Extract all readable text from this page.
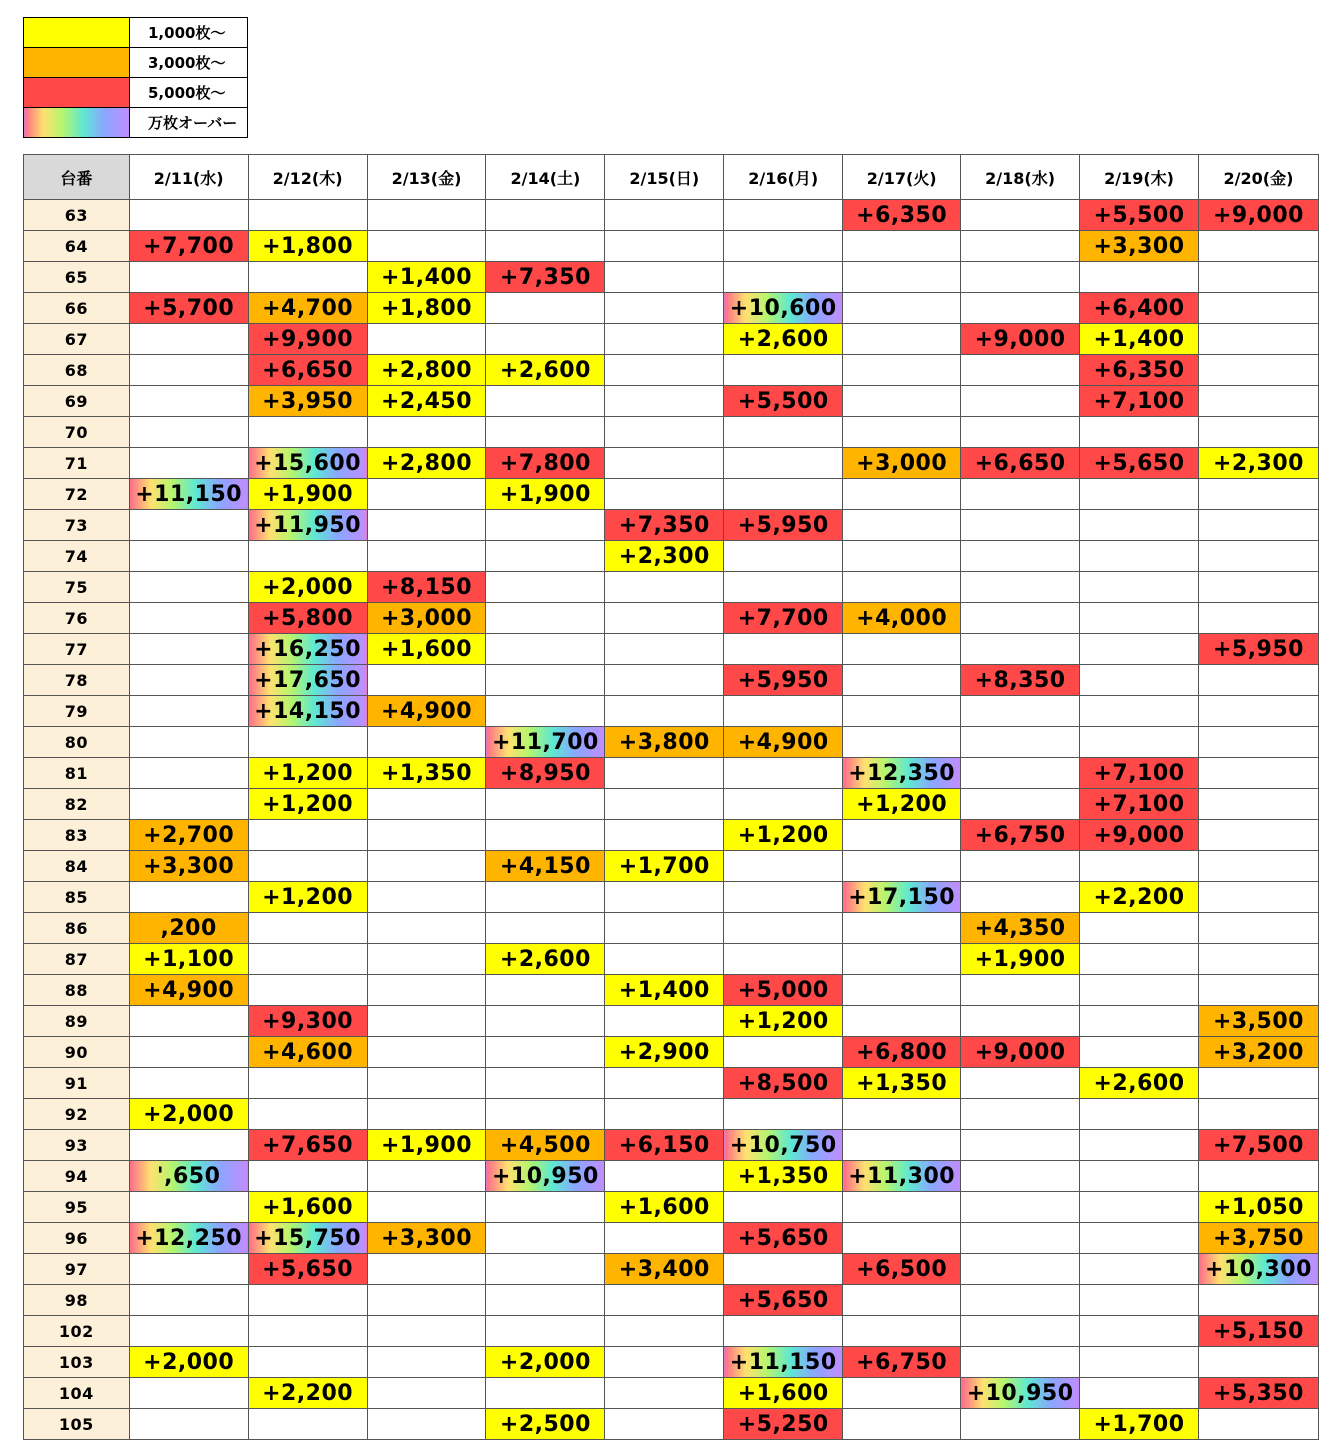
	1,000枚～
	3,000枚～
	5,000枚～
	万枚オーバー
台番	2/11(水)	2/12(木)	2/13(金)	2/14(土)	2/15(日)	2/16(月)	2/17(火)	2/18(水)	2/19(木)	2/20(金)
63							+6,350		+5,500	+9,000
64	+7,700	+1,800							+3,300	
65			+1,400	+7,350						
66	+5,700	+4,700	+1,800			+10,600			+6,400	
67		+9,900				+2,600		+9,000	+1,400	
68		+6,650	+2,800	+2,600					+6,350	
69		+3,950	+2,450			+5,500			+7,100	
70										
71		+15,600	+2,800	+7,800			+3,000	+6,650	+5,650	+2,300
72	+11,150	+1,900		+1,900						
73		+11,950			+7,350	+5,950				
74					+2,300					
75		+2,000	+8,150							
76		+5,800	+3,000			+7,700	+4,000			
77		+16,250	+1,600							+5,950
78		+17,650				+5,950		+8,350		
79		+14,150	+4,900							
80				+11,700	+3,800	+4,900				
81		+1,200	+1,350	+8,950			+12,350		+7,100	
82		+1,200					+1,200		+7,100	
83	+2,700					+1,200		+6,750	+9,000	
84	+3,300			+4,150	+1,700					
85		+1,200					+17,150		+2,200	
86	,200							+4,350		
87	+1,100			+2,600				+1,900		
88	+4,900				+1,400	+5,000				
89		+9,300				+1,200				+3,500
90		+4,600			+2,900		+6,800	+9,000		+3,200
91						+8,500	+1,350		+2,600	
92	+2,000									
93		+7,650	+1,900	+4,500	+6,150	+10,750				+7,500
94	',650			+10,950		+1,350	+11,300			
95		+1,600			+1,600					+1,050
96	+12,250	+15,750	+3,300			+5,650				+3,750
97		+5,650			+3,400		+6,500			+10,300
98						+5,650				
102										+5,150
103	+2,000			+2,000		+11,150	+6,750			
104		+2,200				+1,600		+10,950		+5,350
105				+2,500		+5,250			+1,700	
